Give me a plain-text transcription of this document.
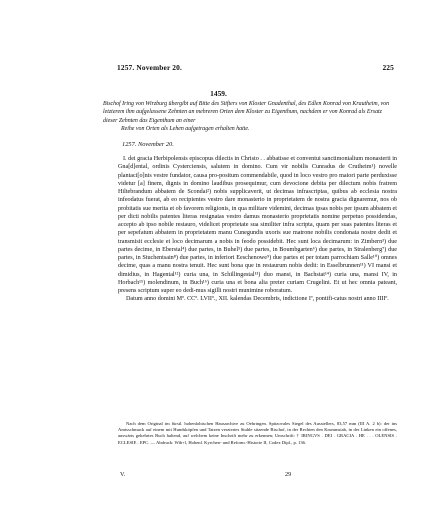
1257. November 20.	225
1459.

Bischof Iring von Wirzburg übergibt auf Bitte des Stifters von Kloster Gnadenthal, des Edlen Konrad von Krautheim, von letzterem ihm aufgelassene Zehnten an mehreren Orten dem Kloster zu Eigenthum, nachdem er von Konrad als Ersatz dieser Zehnten das Eigenthum an einer

Reihe von Orten als Lehen aufgetragen erhalten hatte.

1257. November 20.

I. dei gracia Herbipolensis episcopus dilectis in Christo . . abbatisse et conventui sanctimonialium monasterii in Gna[d]ental, ordinis Cysterciensis, salutem in domino. Cum vir nobilis Cunradus de Crutheim¹) novelle plantaci[o]nis vestre fundator, causa pro-positum commendabile, quod in loco vestro pro maiori parte perduxisse videtur [a] finem, dignis in domino laudibus prosequimur, cum devocione debita per dilectum nobis fratrem Hiltebrandum abbatem de Scondai²) nobis supplicaverit, ut decimas infrascriptas, quibus ab ecclesia nostra infeodatus fuerat, ab eo recipientes vestro dare monasterio in proprietatem de nostra gracia dignaremur, nos ob probitatis sue merita et ob favorem religionis, in qua militare videmini, decimas ipsas nobis per ipsum abbatem et per dicti nobilis patentes literas resignatas vestro damus monasterio proprietatis nomine perpetuo possidendas, accepto ab ipso nobile restauro, videlicet proprietate sua similiter infra scripta, quam per suas patentes literas et per sepefatum abbatem in proprietatem manu Cunegundis uxoris sue matrone nobilis condonata nostre dedit et transmisit ecclesie et loco decimarum a nobis in feodo possidebit. Hec sunt loca decimarum: in Zimbern³) due partes decime, in Eberstal⁴) due partes, in Buhel⁵) due partes, in Boumbgarten⁶) due partes, in Stralenberg⁷) due partes, in Stuchentsain⁸) due partes, in inferiori Eeschenowe⁹) due partes et per totam parrochiam Salle¹⁰) omnes decime, quas a manu nostra tenuit. Hec sunt bona que in restaurum nobis dedit: in Esselbrunnen¹¹) VI mansi et dimidius, in Hagental¹²) curia una, in Schillingestal¹³) duo mansi, in Bachstat¹⁴) curia una, mansi IV, in Horbach¹⁵) molendinum, in Buch¹⁶) curia una et bona alia preter curiam Crugelini. Et ut hec omnia pateant, presens scriptum super eo dedi-mus sigilli nostri munimine roboratum.

Datum anno domini Mº. CCº. LVIIº., XII. kalendas Decembris, indictione Iª, pontifi-catus nostri anno IIIIº.

Nach dem Original im fürstl. hohenlohischen Hausarchive zu Oehringen. Spitzovales Siegel des Ausstellers, 83,57 mm (III A. 2 b): der ins Amtsschmuck auf einem mit Hundsköpfen und Tatzen verziertes Stuhle sitzende Bischof, in der Rechten den Krummstab, in der Linken ein offenes, auswärts gekehrtes Buch haltend, auf welchem keine Inschrift mehr zu erkennen; Umschrift: † IRINGVS . DEI . GRACIA . HE . . . OLENSIS . ECLESIE . EPC. — Abdruck: Wib+l, Hohenl. Kyrchen- und Reform.-Historie II, Codex Dipl., p. 136.

V.	29
